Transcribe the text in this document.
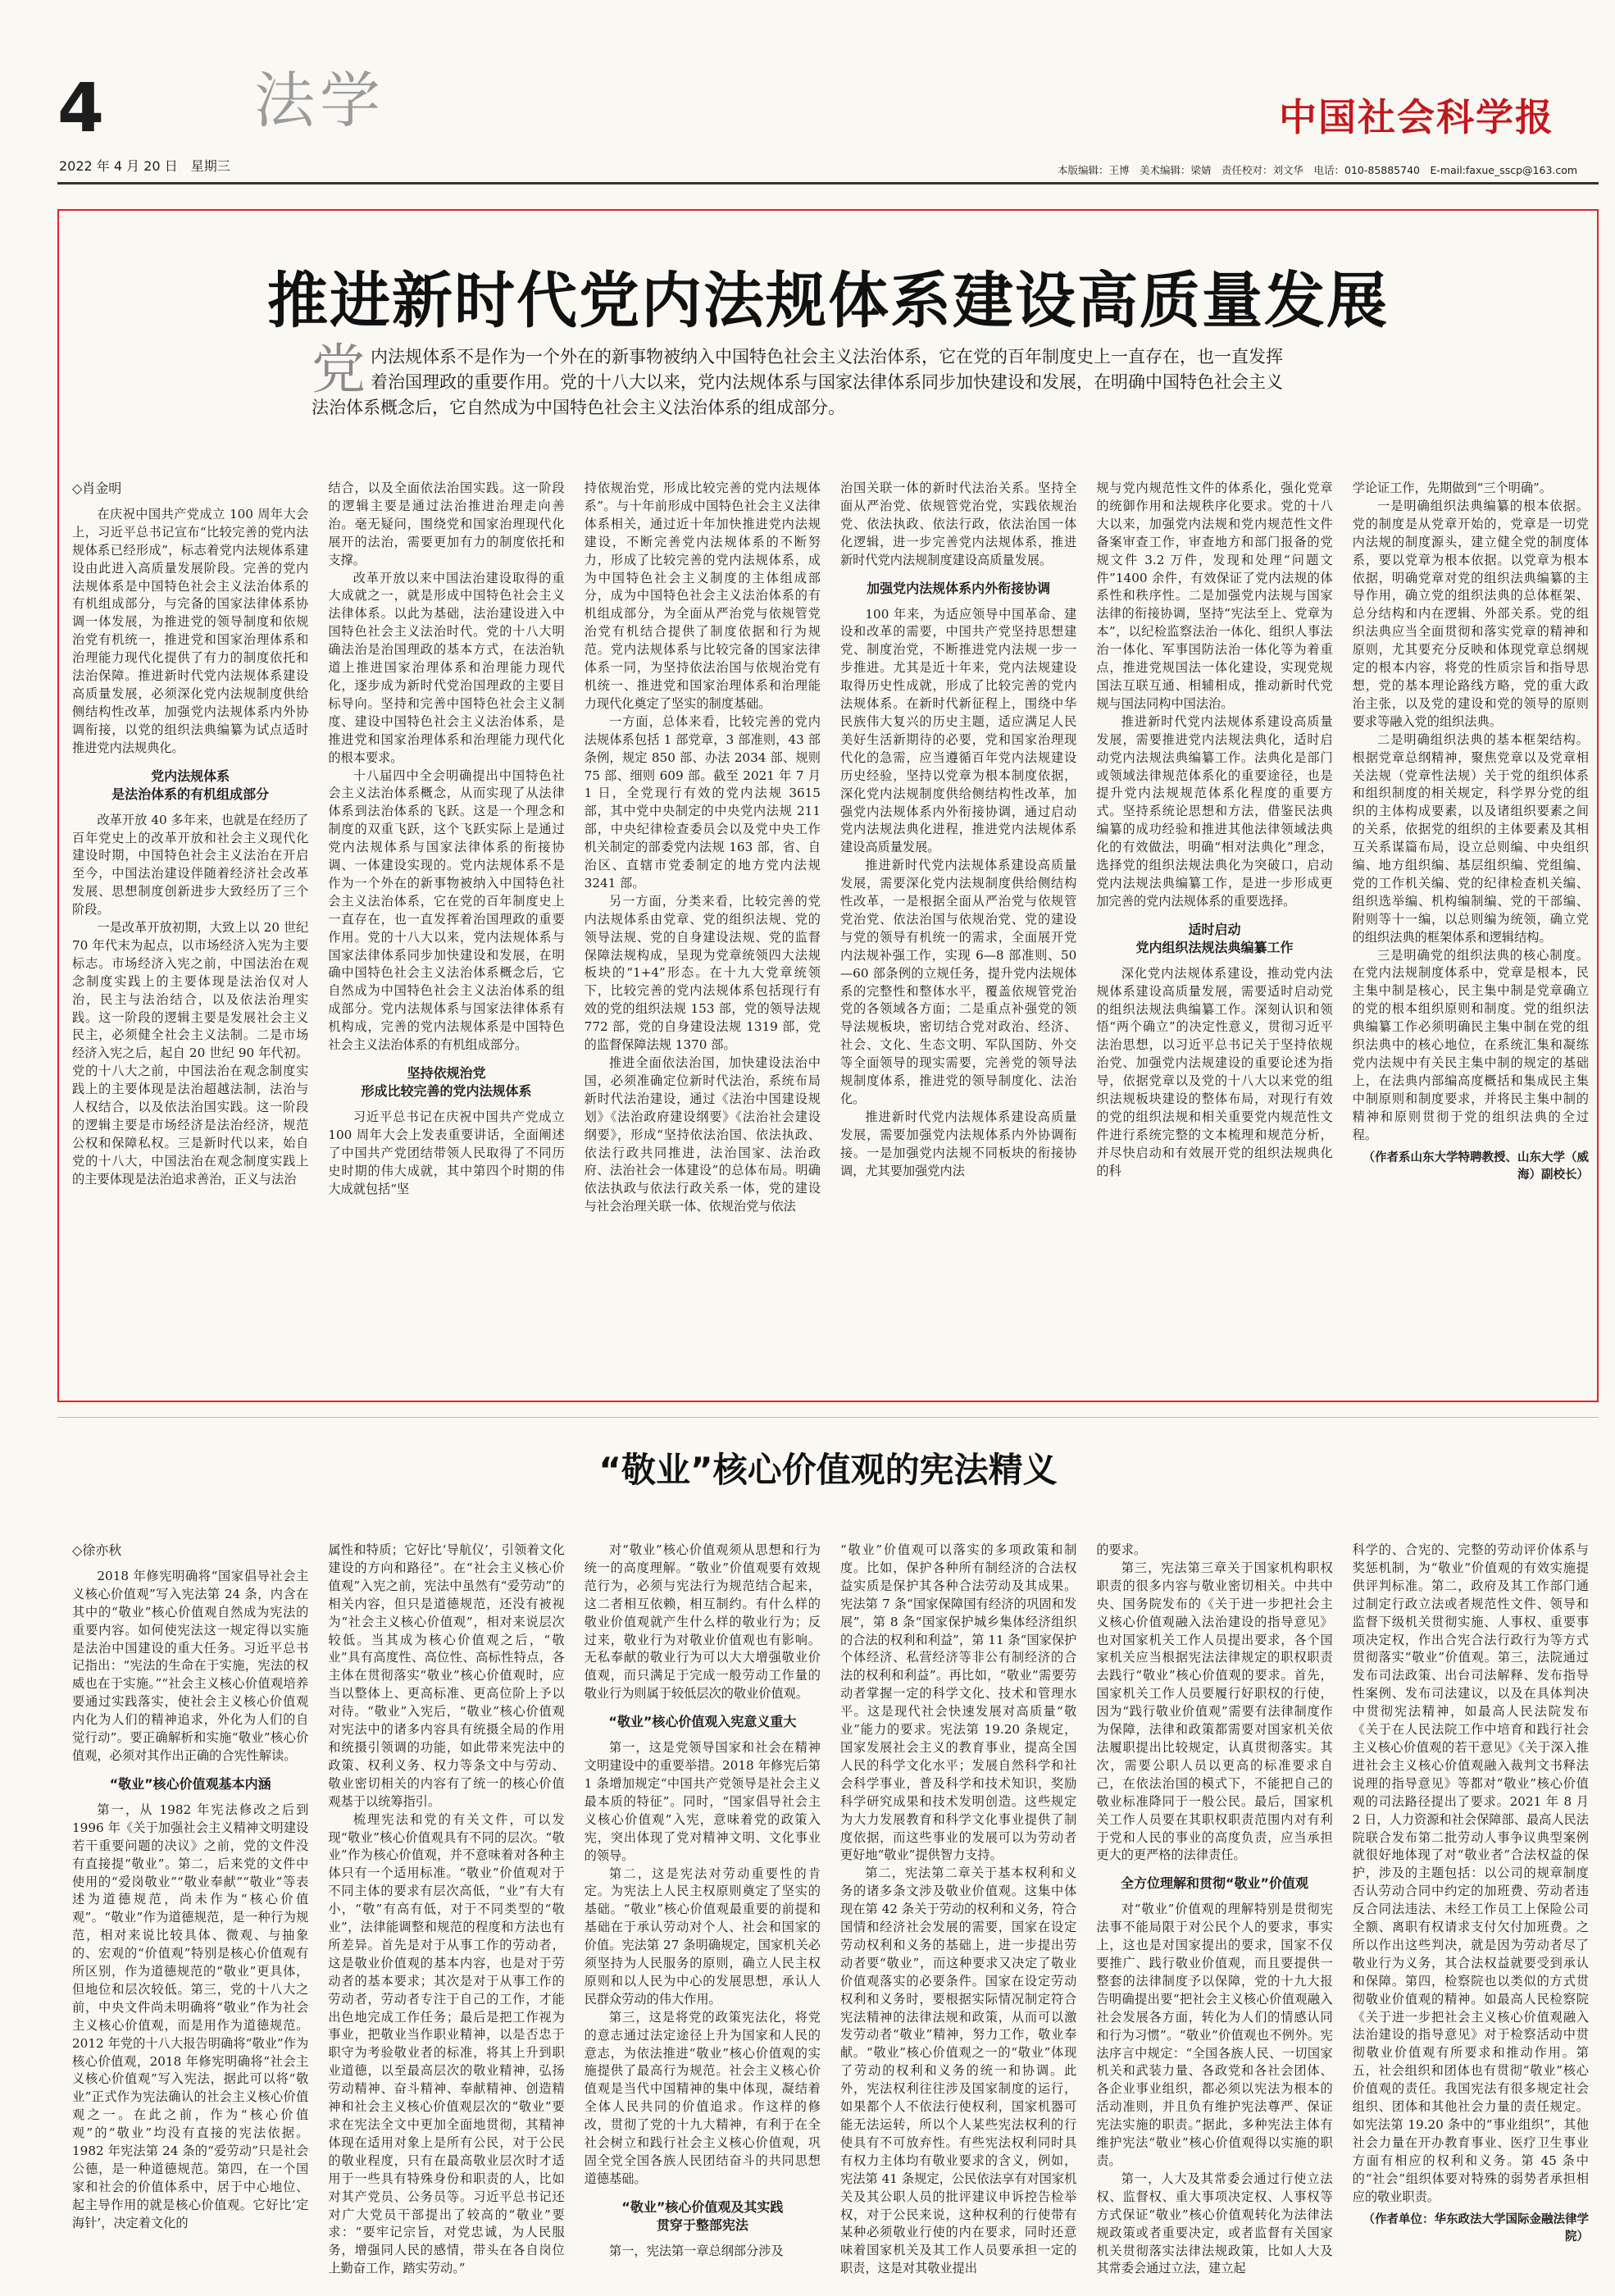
4 法学
2022 年 4 月 20 日　星期三
中国社会科学报
本版编辑：王博　美术编辑：梁婧　责任校对：刘文华　电话：010-85885740　E-mail:faxue_sscp@163.com
推进新时代党内法规体系建设高质量发展
党内法规体系不是作为一个外在的新事物被纳入中国特色社会主义法治体系，它在党的百年制度史上一直存在，也一直发挥着治国理政的重要作用。党的十八大以来，党内法规体系与国家法律体系同步加快建设和发展，在明确中国特色社会主义法治体系概念后，它自然成为中国特色社会主义法治体系的组成部分。
◇肖金明

在庆祝中国共产党成立 100 周年大会上，习近平总书记宣布“比较完善的党内法规体系已经形成”，标志着党内法规体系建设由此进入高质量发展阶段。完善的党内法规体系是中国特色社会主义法治体系的有机组成部分，与完备的国家法律体系协调一体发展，为推进党的领导制度和依规治党有机统一，推进党和国家治理体系和治理能力现代化提供了有力的制度依托和法治保障。推进新时代党内法规体系建设高质量发展，必须深化党内法规制度供给侧结构性改革，加强党内法规体系内外协调衔接，以党的组织法典编纂为试点适时推进党内法规典化。

党内法规体系
是法治体系的有机组成部分

改革开放 40 多年来，也就是在经历了百年党史上的改革开放和社会主义现代化建设时期，中国特色社会主义法治在开启至今，中国法治建设伴随着经济社会改革发展、思想制度创新进步大致经历了三个阶段。

一是改革开放初期，大致上以 20 世纪 70 年代末为起点，以市场经济入宪为主要标志。市场经济入宪之前，中国法治在观念制度实践上的主要体现是法治仅对人治，民主与法治结合，以及依法治理实践。这一阶段的逻辑主要是发展社会主义民主，必须健全社会主义法制。二是市场经济入宪之后，起自 20 世纪 90 年代初。党的十八大之前，中国法治在观念制度实践上的主要体现是法治超越法制，法治与人权结合，以及依法治国实践。这一阶段的逻辑主要是市场经济是法治经济，规范公权和保障私权。三是新时代以来，始自党的十八大，中国法治在观念制度实践上的主要体现是法治追求善治，正义与法治

结合，以及全面依法治国实践。这一阶段的逻辑主要是通过法治推进治理走向善治。毫无疑问，围绕党和国家治理现代化展开的法治，需要更加有力的制度依托和支撑。

改革开放以来中国法治建设取得的重大成就之一，就是形成中国特色社会主义法律体系。以此为基础，法治建设进入中国特色社会主义法治时代。党的十八大明确法治是治国理政的基本方式，在法治轨道上推进国家治理体系和治理能力现代化，逐步成为新时代党治国理政的主要目标导向。坚持和完善中国特色社会主义制度、建设中国特色社会主义法治体系，是推进党和国家治理体系和治理能力现代化的根本要求。

十八届四中全会明确提出中国特色社会主义法治体系概念，从而实现了从法律体系到法治体系的飞跃。这是一个理念和制度的双重飞跃，这个飞跃实际上是通过党内法规体系与国家法律体系的衔接协调、一体建设实现的。党内法规体系不是作为一个外在的新事物被纳入中国特色社会主义法治体系，它在党的百年制度史上一直存在，也一直发挥着治国理政的重要作用。党的十八大以来，党内法规体系与国家法律体系同步加快建设和发展，在明确中国特色社会主义法治体系概念后，它自然成为中国特色社会主义法治体系的组成部分。党内法规体系与国家法律体系有机构成，完善的党内法规体系是中国特色社会主义法治体系的有机组成部分。

坚持依规治党
形成比较完善的党内法规体系

习近平总书记在庆祝中国共产党成立 100 周年大会上发表重要讲话，全面阐述了中国共产党团结带领人民取得了不同历史时期的伟大成就，其中第四个时期的伟大成就包括“坚

持依规治党，形成比较完善的党内法规体系”。与十年前形成中国特色社会主义法律体系相关，通过近十年加快推进党内法规建设，不断完善党内法规体系的不断努力，形成了比较完善的党内法规体系，成为中国特色社会主义制度的主体组成部分，成为中国特色社会主义法治体系的有机组成部分，为全面从严治党与依规管党治党有机结合提供了制度依据和行为规范。党内法规体系与比较完备的国家法律体系一同，为坚持依法治国与依规治党有机统一、推进党和国家治理体系和治理能力现代化奠定了坚实的制度基础。

一方面，总体来看，比较完善的党内法规体系包括 1 部党章，3 部准则，43 部条例，规定 850 部、办法 2034 部、规则 75 部、细则 609 部。截至 2021 年 7 月 1 日，全党现行有效的党内法规 3615 部，其中党中央制定的中央党内法规 211 部，中央纪律检查委员会以及党中央工作机关制定的部委党内法规 163 部，省、自治区、直辖市党委制定的地方党内法规 3241 部。

另一方面，分类来看，比较完善的党内法规体系由党章、党的组织法规、党的领导法规、党的自身建设法规、党的监督保障法规构成，呈现为党章统领四大法规板块的“1+4”形态。在十九大党章统领下，比较完善的党内法规体系包括现行有效的党的组织法规 153 部，党的领导法规 772 部，党的自身建设法规 1319 部，党的监督保障法规 1370 部。

推进全面依法治国，加快建设法治中国，必须准确定位新时代法治，系统布局新时代法治建设，通过《法治中国建设规划》《法治政府建设纲要》《法治社会建设纲要》，形成“坚持依法治国、依法执政、依法行政共同推进，法治国家、法治政府、法治社会一体建设”的总体布局。明确依法执政与依法行政关系一体，党的建设与社会治理关联一体、依规治党与依法

治国关联一体的新时代法治关系。坚持全面从严治党、依规管党治党，实践依规治党、依法执政、依法行政，依法治国一体化逻辑，进一步完善党内法规体系，推进新时代党内法规制度建设高质量发展。

加强党内法规体系内外衔接协调

100 年来，为适应领导中国革命、建设和改革的需要，中国共产党坚持思想建党、制度治党，不断推进党内法规一步一步推进。尤其是近十年来，党内法规建设取得历史性成就，形成了比较完善的党内法规体系。在新时代新征程上，围绕中华民族伟大复兴的历史主题，适应满足人民美好生活新期待的必要，党和国家治理现代化的急需，应当遵循百年党内法规建设历史经验，坚持以党章为根本制度依据，深化党内法规制度供给侧结构性改革，加强党内法规体系内外衔接协调，通过启动党内法规法典化进程，推进党内法规体系建设高质量发展。

推进新时代党内法规体系建设高质量发展，需要深化党内法规制度供给侧结构性改革，一是根据全面从严治党与依规管党治党、依法治国与依规治党、党的建设与党的领导有机统一的需求，全面展开党内法规补强工作，实现 6—8 部准则、50—60 部条例的立规任务，提升党内法规体系的完整性和整体水平，覆盖依规管党治党的各领域各方面；二是重点补强党的领导法规板块，密切结合党对政治、经济、社会、文化、生态文明、军队国防、外交等全面领导的现实需要，完善党的领导法规制度体系，推进党的领导制度化、法治化。

推进新时代党内法规体系建设高质量发展，需要加强党内法规体系内外协调衔接。一是加强党内法规不同板块的衔接协调，尤其要加强党内法

规与党内规范性文件的体系化，强化党章的统御作用和法规秩序化要求。党的十八大以来，加强党内法规和党内规范性文件备案审查工作，审查地方和部门报备的党规文件 3.2 万件，发现和处理“问题文件”1400 余件，有效保证了党内法规的体系性和秩序性。二是加强党内法规与国家法律的衔接协调，坚持“宪法至上、党章为本”，以纪检监察法治一体化、组织人事法治一体化、军事国防法治一体化等为着重点，推进党规国法一体化建设，实现党规国法互联互通、相辅相成，推动新时代党规与国法同构中国法治。

推进新时代党内法规体系建设高质量发展，需要推进党内法规法典化，适时启动党内法规法典编纂工作。法典化是部门或领域法律规范体系化的重要途径，也是提升党内法规规范体系化程度的重要方式。坚持系统论思想和方法，借鉴民法典编纂的成功经验和推进其他法律领域法典化的有效做法，明确“相对法典化”理念，选择党的组织法规法典化为突破口，启动党内法规法典编纂工作，是进一步形成更加完善的党内法规体系的重要选择。

适时启动
党内组织法规法典编纂工作

深化党内法规体系建设，推动党内法规体系建设高质量发展，需要适时启动党的组织法规法典编纂工作。深刻认识和领悟“两个确立”的决定性意义，贯彻习近平法治思想，以习近平总书记关于坚持依规治党、加强党内法规建设的重要论述为指导，依据党章以及党的十八大以来党的组织法规板块建设的整体布局，对现行有效的党的组织法规和相关重要党内规范性文件进行系统完整的文本梳理和规范分析，并尽快启动和有效展开党的组织法规典化的科

学论证工作，先期做到“三个明确”。

一是明确组织法典编纂的根本依据。党的制度是从党章开始的，党章是一切党内法规的制度源头，建立健全党的制度体系，要以党章为根本依据。以党章为根本依据，明确党章对党的组织法典编纂的主导作用，确立党的组织法典的总体框架、总分结构和内在逻辑、外部关系。党的组织法典应当全面贯彻和落实党章的精神和原则，尤其要充分反映和体现党章总纲规定的根本内容，将党的性质宗旨和指导思想，党的基本理论路线方略，党的重大政治主张，以及党的建设和党的领导的原则要求等融入党的组织法典。

二是明确组织法典的基本框架结构。根据党章总纲精神，聚焦党章以及党章相关法规（党章性法规）关于党的组织体系和组织制度的相关规定，科学界分党的组织的主体构成要素，以及诸组织要素之间的关系，依据党的组织的主体要素及其相互关系谋篇布局，设立总则编、中央组织编、地方组织编、基层组织编、党组编、党的工作机关编、党的纪律检查机关编、组织选举编、机构编制编、党的干部编、附则等十一编，以总则编为统领，确立党的组织法典的框架体系和逻辑结构。

三是明确党的组织法典的核心制度。在党内法规制度体系中，党章是根本，民主集中制是核心，民主集中制是党章确立的党的根本组织原则和制度。党的组织法典编纂工作必须明确民主集中制在党的组织法典中的核心地位，在系统汇集和凝练党内法规中有关民主集中制的规定的基础上，在法典内部编高度概括和集成民主集中制原则和制度要求，并将民主集中制的精神和原则贯彻于党的组织法典的全过程。

（作者系山东大学特聘教授、山东大学（威海）副校长）
“敬业”核心价值观的宪法精义
◇徐亦秋

2018 年修宪明确将“国家倡导社会主义核心价值观”写入宪法第 24 条，内含在其中的“敬业”核心价值观自然成为宪法的重要内容。如何使宪法这一规定得以实施是法治中国建设的重大任务。习近平总书记指出：“宪法的生命在于实施，宪法的权威也在于实施。”“社会主义核心价值观培养要通过实践落实，使社会主义核心价值观内化为人们的精神追求，外化为人们的自觉行动”。要正确解析和实施“敬业”核心价值观，必须对其作出正确的合宪性解读。

“敬业”核心价值观基本内涵

第一，从 1982 年宪法修改之后到 1996 年《关于加强社会主义精神文明建设若干重要问题的决议》之前，党的文件没有直接提“敬业”。第二，后来党的文件中使用的“爱岗敬业”“敬业奉献”“敬业”等表述为道德规范，尚未作为“核心价值观”。“敬业”作为道德规范，是一种行为规范，相对来说比较具体、微观、与抽象的、宏观的“价值观”特别是核心价值观有所区别，作为道德规范的“敬业”更具体，但地位和层次较低。第三，党的十八大之前，中央文件尚未明确将“敬业”作为社会主义核心价值观，而是用作为道德规范。2012 年党的十八大报告明确将“敬业”作为核心价值观，2018 年修宪明确将“社会主义核心价值观”写入宪法，据此可以将“敬业”正式作为宪法确认的社会主义核心价值观之一。在此之前，作为“核心价值观”的“敬业”均没有直接的宪法依据。1982 年宪法第 24 条的“爱劳动”只是社会公德，是一种道德规范。第四，在一个国家和社会的价值体系中，居于中心地位、起主导作用的就是核心价值观。它好比‘定海针’，决定着文化的

属性和特质；它好比‘导航仪’，引领着文化建设的方向和路径”。在“社会主义核心价值观”入宪之前，宪法中虽然有“爱劳动”的相关内容，但只是道德规范，还没有被视为“社会主义核心价值观”，相对来说层次较低。当其成为核心价值观之后，“敬业”具有高度性、高位性、高标性特点，各主体在贯彻落实“敬业”核心价值观时，应当以整体上、更高标准、更高位阶上予以对待。“敬业”入宪后，“敬业”核心价值观对宪法中的诸多内容具有统摄全局的作用和统摄引领调的功能，如此带来宪法中的政策、权利义务、权力等条文中与劳动、敬业密切相关的内容有了统一的核心价值观基于以统筹指引。

梳理宪法和党的有关文件，可以发现“敬业”核心价值观具有不同的层次。“敬业”作为核心价值观，并不意味着对各种主体只有一个适用标准。“敬业”价值观对于不同主体的要求有层次高低，“业”有大有小，“敬”有高有低，对于不同类型的“敬业”，法律能调整和规范的程度和方法也有所差异。首先是对于从事工作的劳动者，这是敬业价值观的基本内容，也是对于劳动者的基本要求；其次是对于从事工作的劳动者，劳动者专注于自己的工作，才能出色地完成工作任务；最后是把工作视为事业，把敬业当作职业精神，以是否忠于职守为考验敬业者的标准，将其上升到职业道德，以至最高层次的敬业精神，弘扬劳动精神、奋斗精神、奉献精神、创造精神和社会主义核心价值观层次的“敬业”要求在宪法全文中更加全面地贯彻，其精神体现在适用对象上是所有公民，对于公民的敬业程度，只有在最高敬业层次时才适用于一些具有特殊身份和职责的人，比如对其产党员、公务员等。习近平总书记还对广大党员干部提出了较高的“敬业”要求：“要牢记宗旨，对党忠诚，为人民服务，增强同人民的感情，带头在各自岗位上勤奋工作，踏实劳动。”

对“敬业”核心价值观须从思想和行为统一的高度理解。“敬业”价值观要有效规范行为，必须与宪法行为规范结合起来，这二者相互依赖，相互制约。有什么样的敬业价值观就产生什么样的敬业行为；反过来，敬业行为对敬业价值观也有影响。无私奉献的敬业行为可以大大增强敬业价值观，而只满足于完成一般劳动工作量的敬业行为则属于较低层次的敬业价值观。

“敬业”核心价值观入宪意义重大

第一，这是党领导国家和社会在精神文明建设中的重要举措。2018 年修宪后第 1 条增加规定“中国共产党领导是社会主义最本质的特征”。同时，“国家倡导社会主义核心价值观”入宪，意味着党的政策入宪，突出体现了党对精神文明、文化事业的领导。

第二，这是宪法对劳动重要性的肯定。为宪法上人民主权原则奠定了坚实的基础。“敬业”核心价值观最重要的前提和基础在于承认劳动对个人、社会和国家的价值。宪法第 27 条明确规定，国家机关必须坚持为人民服务的原则，确立人民主权原则和以人民为中心的发展思想，承认人民群众劳动的伟大作用。

第三，这是将党的政策宪法化，将党的意志通过法定途径上升为国家和人民的意志，为依法推进“敬业”核心价值观的实施提供了最高行为规范。社会主义核心价值观是当代中国精神的集中体现，凝结着全体人民共同的价值追求。作这样的修改，贯彻了党的十九大精神，有利于在全社会树立和践行社会主义核心价值观，巩固全党全国各族人民团结奋斗的共同思想道德基础。

“敬业”核心价值观及其实践
贯穿于整部宪法

第一，宪法第一章总纲部分涉及

“敬业”价值观可以落实的多项政策和制度。比如，保护各种所有制经济的合法权益实质是保护其各种合法劳动及其成果。宪法第 7 条“国家保障国有经济的巩固和发展”，第 8 条“国家保护城乡集体经济组织的合法的权利和利益”，第 11 条“国家保护个体经济、私营经济等非公有制经济的合法的权利和利益”。再比如，“敬业”需要劳动者掌握一定的科学文化、技术和管理水平。这是现代社会快速发展对高质量“敬业”能力的要求。宪法第 19.20 条规定，国家发展社会主义的教育事业，提高全国人民的科学文化水平；发展自然科学和社会科学事业，普及科学和技术知识，奖励科学研究成果和技术发明创造。这些规定为大力发展教育和科学文化事业提供了制度依据，而这些事业的发展可以为劳动者更好地“敬业”提供智力支持。

第二，宪法第二章关于基本权利和义务的诸多条文涉及敬业价值观。这集中体现在第 42 条关于劳动的权利和义务，符合国情和经济社会发展的需要，国家在设定劳动权利和义务的基础上，进一步提出劳动者要“敬业”，而这种要求又决定了敬业价值观落实的必要条件。国家在设定劳动权利和义务时，要根据实际情况制定符合宪法精神的法律法规和政策，从而可以激发劳动者“敬业”精神，努力工作，敬业奉献。“敬业”核心价值观之一的“敬业”体现了劳动的权利和义务的统一和协调。此外，宪法权利往往涉及国家制度的运行，如果都个人不依法行使权利，国家机器可能无法运转，所以个人某些宪法权利的行使具有不可放弃性。有些宪法权利同时具有权力主体均有敬业要求的含义，例如，宪法第 41 条规定，公民依法享有对国家机关及其公职人员的批评建议申诉控告检举权，对于公民来说，这种权利的行使带有某种必须敬业行使的内在要求，同时还意味着国家机关及其工作人员要承担一定的职责，这是对其敬业提出

的要求。

第三，宪法第三章关于国家机构职权职责的很多内容与敬业密切相关。中共中央、国务院发布的《关于进一步把社会主义核心价值观融入法治建设的指导意见》也对国家机关工作人员提出要求，各个国家机关应当根据宪法法律规定的职权职责去践行“敬业”核心价值观的要求。首先，国家机关工作人员要履行好职权的行使，因为“践行敬业价值观”需要有法律制度作为保障，法律和政策都需要对国家机关依法履职提出比较规定，认真贯彻落实。其次，需要公职人员以更高的标准要求自己，在依法治国的模式下，不能把自己的敬业标准降同于一般公民。最后，国家机关工作人员要在其职权职责范围内对有利于党和人民的事业的高度负责，应当承担更大的更严格的法律责任。

全方位理解和贯彻“敬业”价值观

对“敬业”价值观的理解特别是贯彻宪法事不能局限于对公民个人的要求，事实上，这也是对国家提出的要求，国家不仅要推广、践行敬业价值观，而且要提供一整套的法律制度予以保障，党的十九大报告明确提出要“把社会主义核心价值观融入社会发展各方面，转化为人们的情感认同和行为习惯”。“敬业”价值观也不例外。宪法序言中规定：“全国各族人民、一切国家机关和武装力量、各政党和各社会团体、各企业事业组织，都必须以宪法为根本的活动准则，并且负有维护宪法尊严、保证宪法实施的职责。”据此，多种宪法主体有维护宪法“敬业”核心价值观得以实施的职责。

第一，人大及其常委会通过行使立法权、监督权、重大事项决定权、人事权等方式保证“敬业”核心价值观转化为法律法规政策或者重要决定，或者监督有关国家机关贯彻落实法律法规政策，比如人大及其常委会通过立法，建立起

科学的、合宪的、完整的劳动评价体系与奖惩机制，为“敬业”价值观的有效实施提供评判标准。第二，政府及其工作部门通过制定行政立法或者规范性文件、领导和监督下级机关贯彻实施、人事权、重要事项决定权，作出合宪合法行政行为等方式贯彻落实“敬业”价值观。第三，法院通过发布司法政策、出台司法解释、发布指导性案例、发布司法建议，以及在具体判决中贯彻宪法精神，如最高人民法院发布《关于在人民法院工作中培育和践行社会主义核心价值观的若干意见》《关于深入推进社会主义核心价值观融入裁判文书释法说理的指导意见》等都对“敬业”核心价值观的司法路径提出了要求。2021 年 8 月 2 日，人力资源和社会保障部、最高人民法院联合发布第二批劳动人事争议典型案例就很好地体现了对“敬业者”合法权益的保护，涉及的主题包括：以公司的规章制度否认劳动合同中约定的加班费、劳动者违反合同法违法、未经工作员工上保险公司全额、离职有权请求支付欠付加班费。之所以作出这些判决，就是因为劳动者尽了敬业行为义务，其合法权益就要受到承认和保障。第四，检察院也以类似的方式贯彻敬业价值观的精神。如最高人民检察院《关于进一步把社会主义核心价值观融入法治建设的指导意见》对于检察活动中贯彻敬业价值观有所要求和推动作用。第五，社会组织和团体也有贯彻“敬业”核心价值观的责任。我国宪法有很多规定社会组织、团体和其他社会力量的责任规定。如宪法第 19.20 条中的“事业组织”，其他社会力量在开办教育事业、医疗卫生事业方面有相应的权利和义务。第 45 条中的“社会”组织体要对特殊的弱势者承担相应的敬业职责。

（作者单位：华东政法大学国际金融法律学院）
